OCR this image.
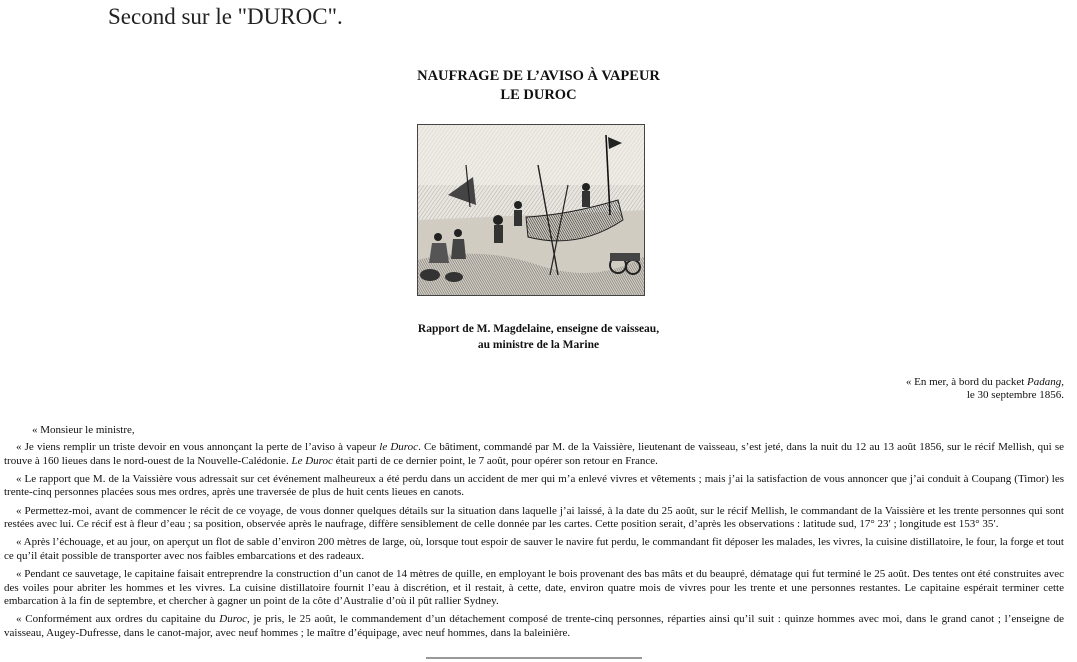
Second sur le "DUROC".
NAUFRAGE DE L’AVISO À VAPEUR
LE DUROC
Rapport de M. Magdelaine, enseigne de vaisseau,
au ministre de la Marine
« En mer, à bord du packet Padang,
le 30 septembre 1856.
« Monsieur le ministre,

« Je viens remplir un triste devoir en vous annonçant la perte de l’aviso à vapeur le Duroc. Ce bâtiment, commandé par M. de la Vaissière, lieutenant de vaisseau, s’est jeté, dans la nuit du 12 au 13 août 1856, sur le récif Mellish, qui se trouve à 160 lieues dans le nord-ouest de la Nouvelle-Calédonie. Le Duroc était parti de ce dernier point, le 7 août, pour opérer son retour en France.

« Le rapport que M. de la Vaissière vous adressait sur cet événement malheureux a été perdu dans un accident de mer qui m’a enlevé vivres et vêtements ; mais j’ai la satisfaction de vous annoncer que j’ai conduit à Coupang (Timor) les trente-cinq personnes placées sous mes ordres, après une traversée de plus de huit cents lieues en canots.

« Permettez-moi, avant de commencer le récit de ce voyage, de vous donner quelques détails sur la situation dans laquelle j’ai laissé, à la date du 25 août, sur le récif Mellish, le commandant de la Vaissière et les trente personnes qui sont restées avec lui. Ce récif est à fleur d’eau ; sa position, observée après le naufrage, diffère sensiblement de celle donnée par les cartes. Cette position serait, d’après les observations : latitude sud, 17° 23′ ; longitude est 153° 35′.

« Après l’échouage, et au jour, on aperçut un flot de sable d’environ 200 mètres de large, où, lorsque tout espoir de sauver le navire fut perdu, le commandant fit déposer les malades, les vivres, la cuisine distillatoire, le four, la forge et tout ce qu’il était possible de transporter avec nos faibles embarcations et des radeaux.

« Pendant ce sauvetage, le capitaine faisait entreprendre la construction d’un canot de 14 mètres de quille, en employant le bois provenant des bas mâts et du beaupré, dématage qui fut terminé le 25 août. Des tentes ont été construites avec des voiles pour abriter les hommes et les vivres. La cuisine distillatoire fournit l’eau à discrétion, et il restait, à cette, date, environ quatre mois de vivres pour les trente et une personnes restantes. Le capitaine espérait terminer cette embarcation à la fin de septembre, et chercher à gagner un point de la côte d’Australie d’où il pût rallier Sydney.

« Conformément aux ordres du capitaine du Duroc, je pris, le 25 août, le commandement d’un détachement composé de trente-cinq personnes, réparties ainsi qu’il suit : quinze hommes avec moi, dans le grand canot ; l’enseigne de vaisseau, Augey-Dufresse, dans le canot-major, avec neuf hommes ; le maître d’équipage, avec neuf hommes, dans la baleinière.
